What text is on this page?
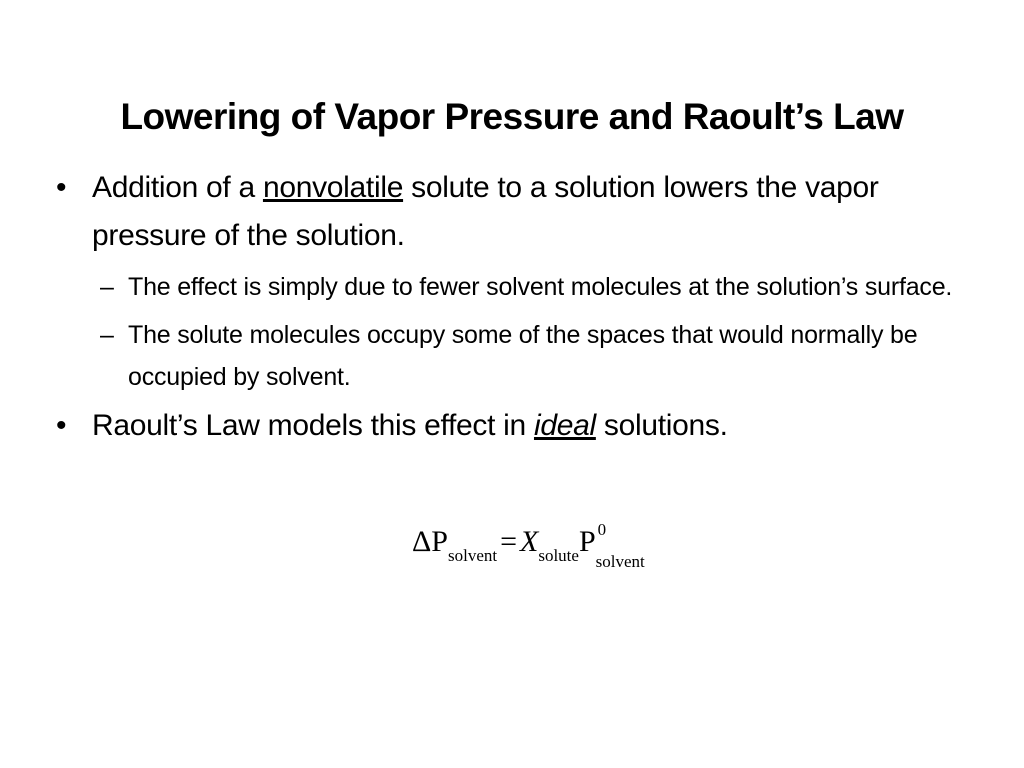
Lowering of Vapor Pressure and Raoult’s Law
• Addition of a nonvolatile solute to a solution lowers the vapor pressure of the solution.
– The effect is simply due to fewer solvent molecules at the solution’s surface.
– The solute molecules occupy some of the spaces that would normally be occupied by solvent.
• Raoult’s Law models this effect in ideal solutions.
$\Delta P_{solvent} = X_{solute}P$ 0
solvent
